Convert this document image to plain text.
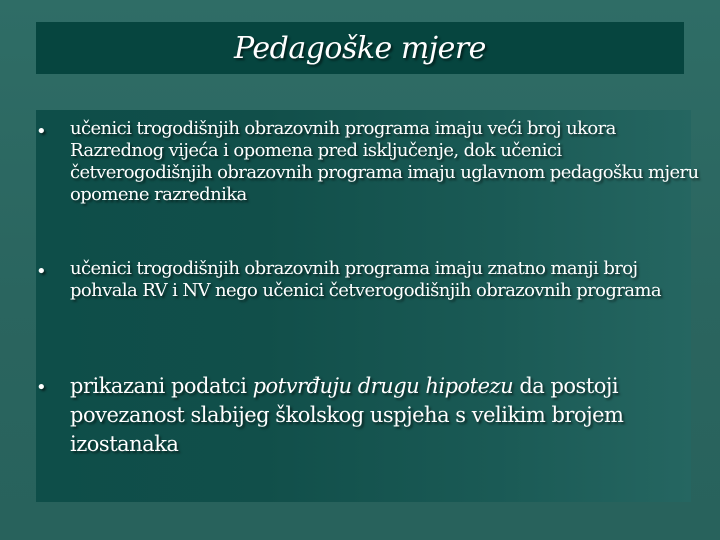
Pedagoške mjere
• učenici trogodišnjih obrazovnih programa imaju veći broj ukora Razrednog vijeća i opomena pred isključenje, dok učenici četverogodišnjih obrazovnih programa imaju uglavnom pedagošku mjeru opomene razrednika
• učenici trogodišnjih obrazovnih programa imaju znatno manji broj pohvala RV i NV nego učenici četverogodišnjih obrazovnih programa
• prikazani podatci potvrđuju drugu hipotezu da postoji povezanost slabijeg školskog uspjeha s velikim brojem izostanaka
